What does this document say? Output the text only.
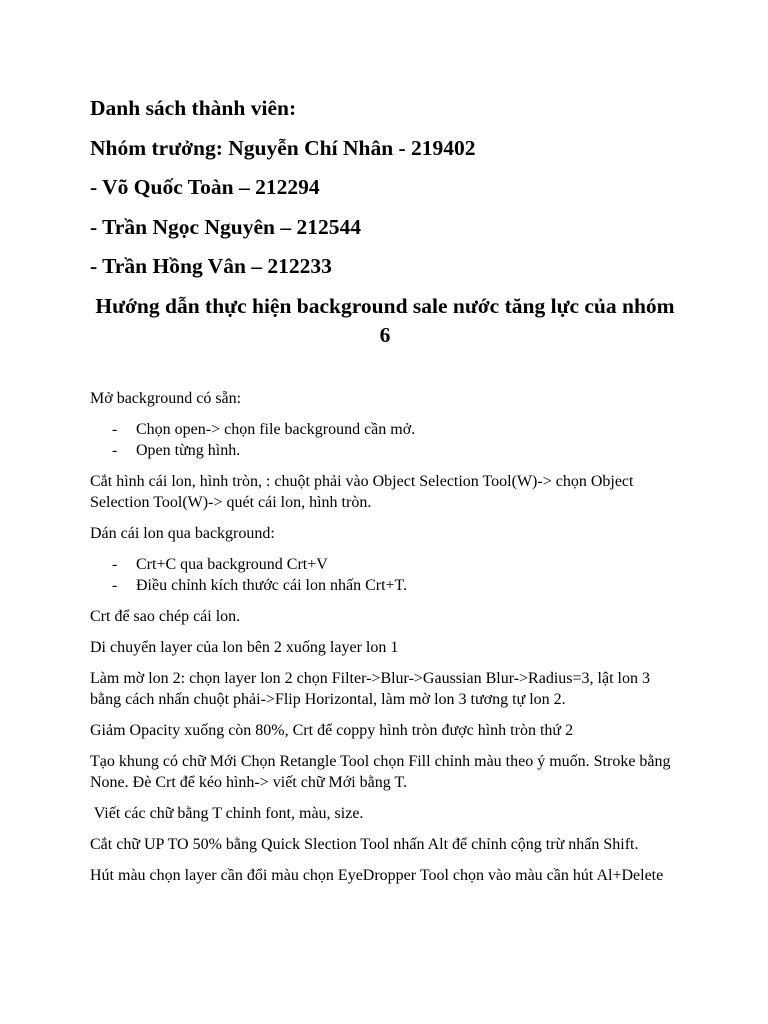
Danh sách thành viên:
Nhóm trưởng: Nguyễn Chí Nhân - 219402
- Võ Quốc Toàn – 212294
- Trần Ngọc Nguyên – 212544
- Trần Hồng Vân – 212233
Hướng dẫn thực hiện background sale nước tăng lực của nhóm 6

Mở background có sẵn:

- Chọn open-> chọn file background cần mở.
- Open từng hình.

Cắt hình cái lon, hình tròn, : chuột phải vào Object Selection Tool(W)-> chọn Object Selection Tool(W)-> quét cái lon, hình tròn.

Dán cái lon qua background:

- Crt+C qua background Crt+V
- Điều chỉnh kích thước cái lon nhấn Crt+T.

Crt để sao chép cái lon.

Di chuyển layer của lon bên 2 xuống layer lon 1

Làm mờ lon 2: chọn layer lon 2 chọn Filter->Blur->Gaussian Blur->Radius=3, lật lon 3 bằng cách nhấn chuột phải->Flip Horizontal, làm mờ lon 3 tương tự lon 2.

Giảm Opacity xuống còn 80%, Crt để coppy hình tròn được hình tròn thứ 2

Tạo khung có chữ Mới Chọn Retangle Tool chọn Fill chỉnh màu theo ý muốn. Stroke bằng None. Đè Crt để kéo hình-> viết chữ Mới bằng T.

Viết các chữ bằng T chỉnh font, màu, size.

Cắt chữ UP TO 50% bằng Quick Slection Tool nhấn Alt để chỉnh cộng trừ nhấn Shift.

Hút màu chọn layer cần đổi màu chọn EyeDropper Tool chọn vào màu cần hút Al+Delete
